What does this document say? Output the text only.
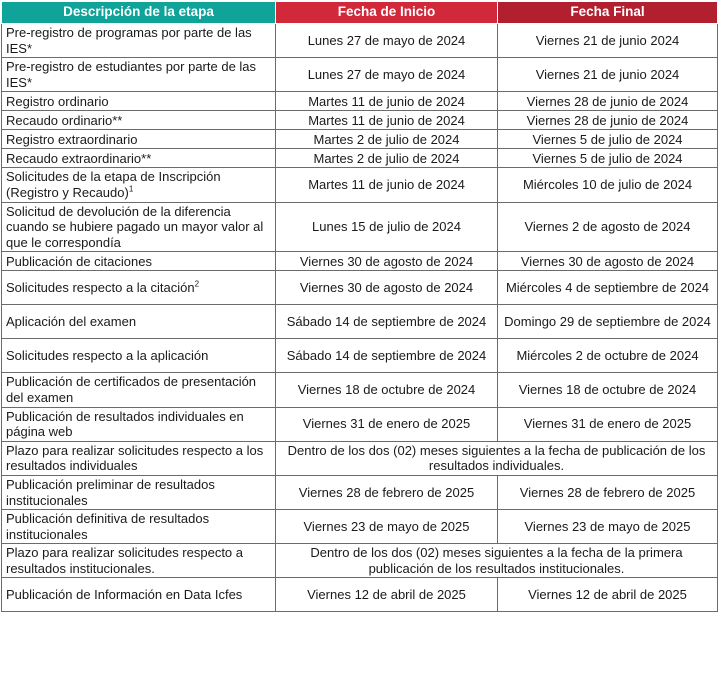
Descripción de la etapa	Fecha de Inicio	Fecha Final
Pre-registro de programas por parte de las IES*	Lunes 27 de mayo de 2024	Viernes 21 de junio 2024
Pre-registro de estudiantes por parte de las IES*	Lunes 27 de mayo de 2024	Viernes 21 de junio 2024
Registro ordinario	Martes 11 de junio de 2024	Viernes 28 de junio de 2024
Recaudo ordinario**	Martes 11 de junio de 2024	Viernes 28 de junio de 2024
Registro extraordinario	Martes 2 de julio de 2024	Viernes 5 de julio de 2024
Recaudo extraordinario**	Martes 2 de julio de 2024	Viernes 5 de julio de 2024
Solicitudes de la etapa de Inscripción (Registro y Recaudo)$^1$	Martes 11 de junio de 2024	Miércoles 10 de julio de 2024
Solicitud de devolución de la diferencia cuando se hubiere pagado un mayor valor al que le correspondía	Lunes 15 de julio de 2024	Viernes 2 de agosto de 2024
Publicación de citaciones	Viernes 30 de agosto de 2024	Viernes 30 de agosto de 2024
Solicitudes respecto a la citación$^2$	Viernes 30 de agosto de 2024	Miércoles 4 de septiembre de 2024
Aplicación del examen	Sábado 14 de septiembre de 2024	Domingo 29 de septiembre de 2024
Solicitudes respecto a la aplicación	Sábado 14 de septiembre de 2024	Miércoles 2 de octubre de 2024
Publicación de certificados de presentación del examen	Viernes 18 de octubre de 2024	Viernes 18 de octubre de 2024
Publicación de resultados individuales en página web	Viernes 31 de enero de 2025	Viernes 31 de enero de 2025
Plazo para realizar solicitudes respecto a los resultados individuales	Dentro de los dos (02) meses siguientes a la fecha de publicación de los resultados individuales.	
Publicación preliminar de resultados institucionales	Viernes 28 de febrero de 2025	Viernes 28 de febrero de 2025
Publicación definitiva de resultados institucionales	Viernes 23 de mayo de 2025	Viernes 23 de mayo de 2025
Plazo para realizar solicitudes respecto a resultados institucionales.	Dentro de los dos (02) meses siguientes a la fecha de la primera publicación de los resultados institucionales.	
Publicación de Información en Data Icfes	Viernes 12 de abril de 2025	Viernes 12 de abril de 2025
